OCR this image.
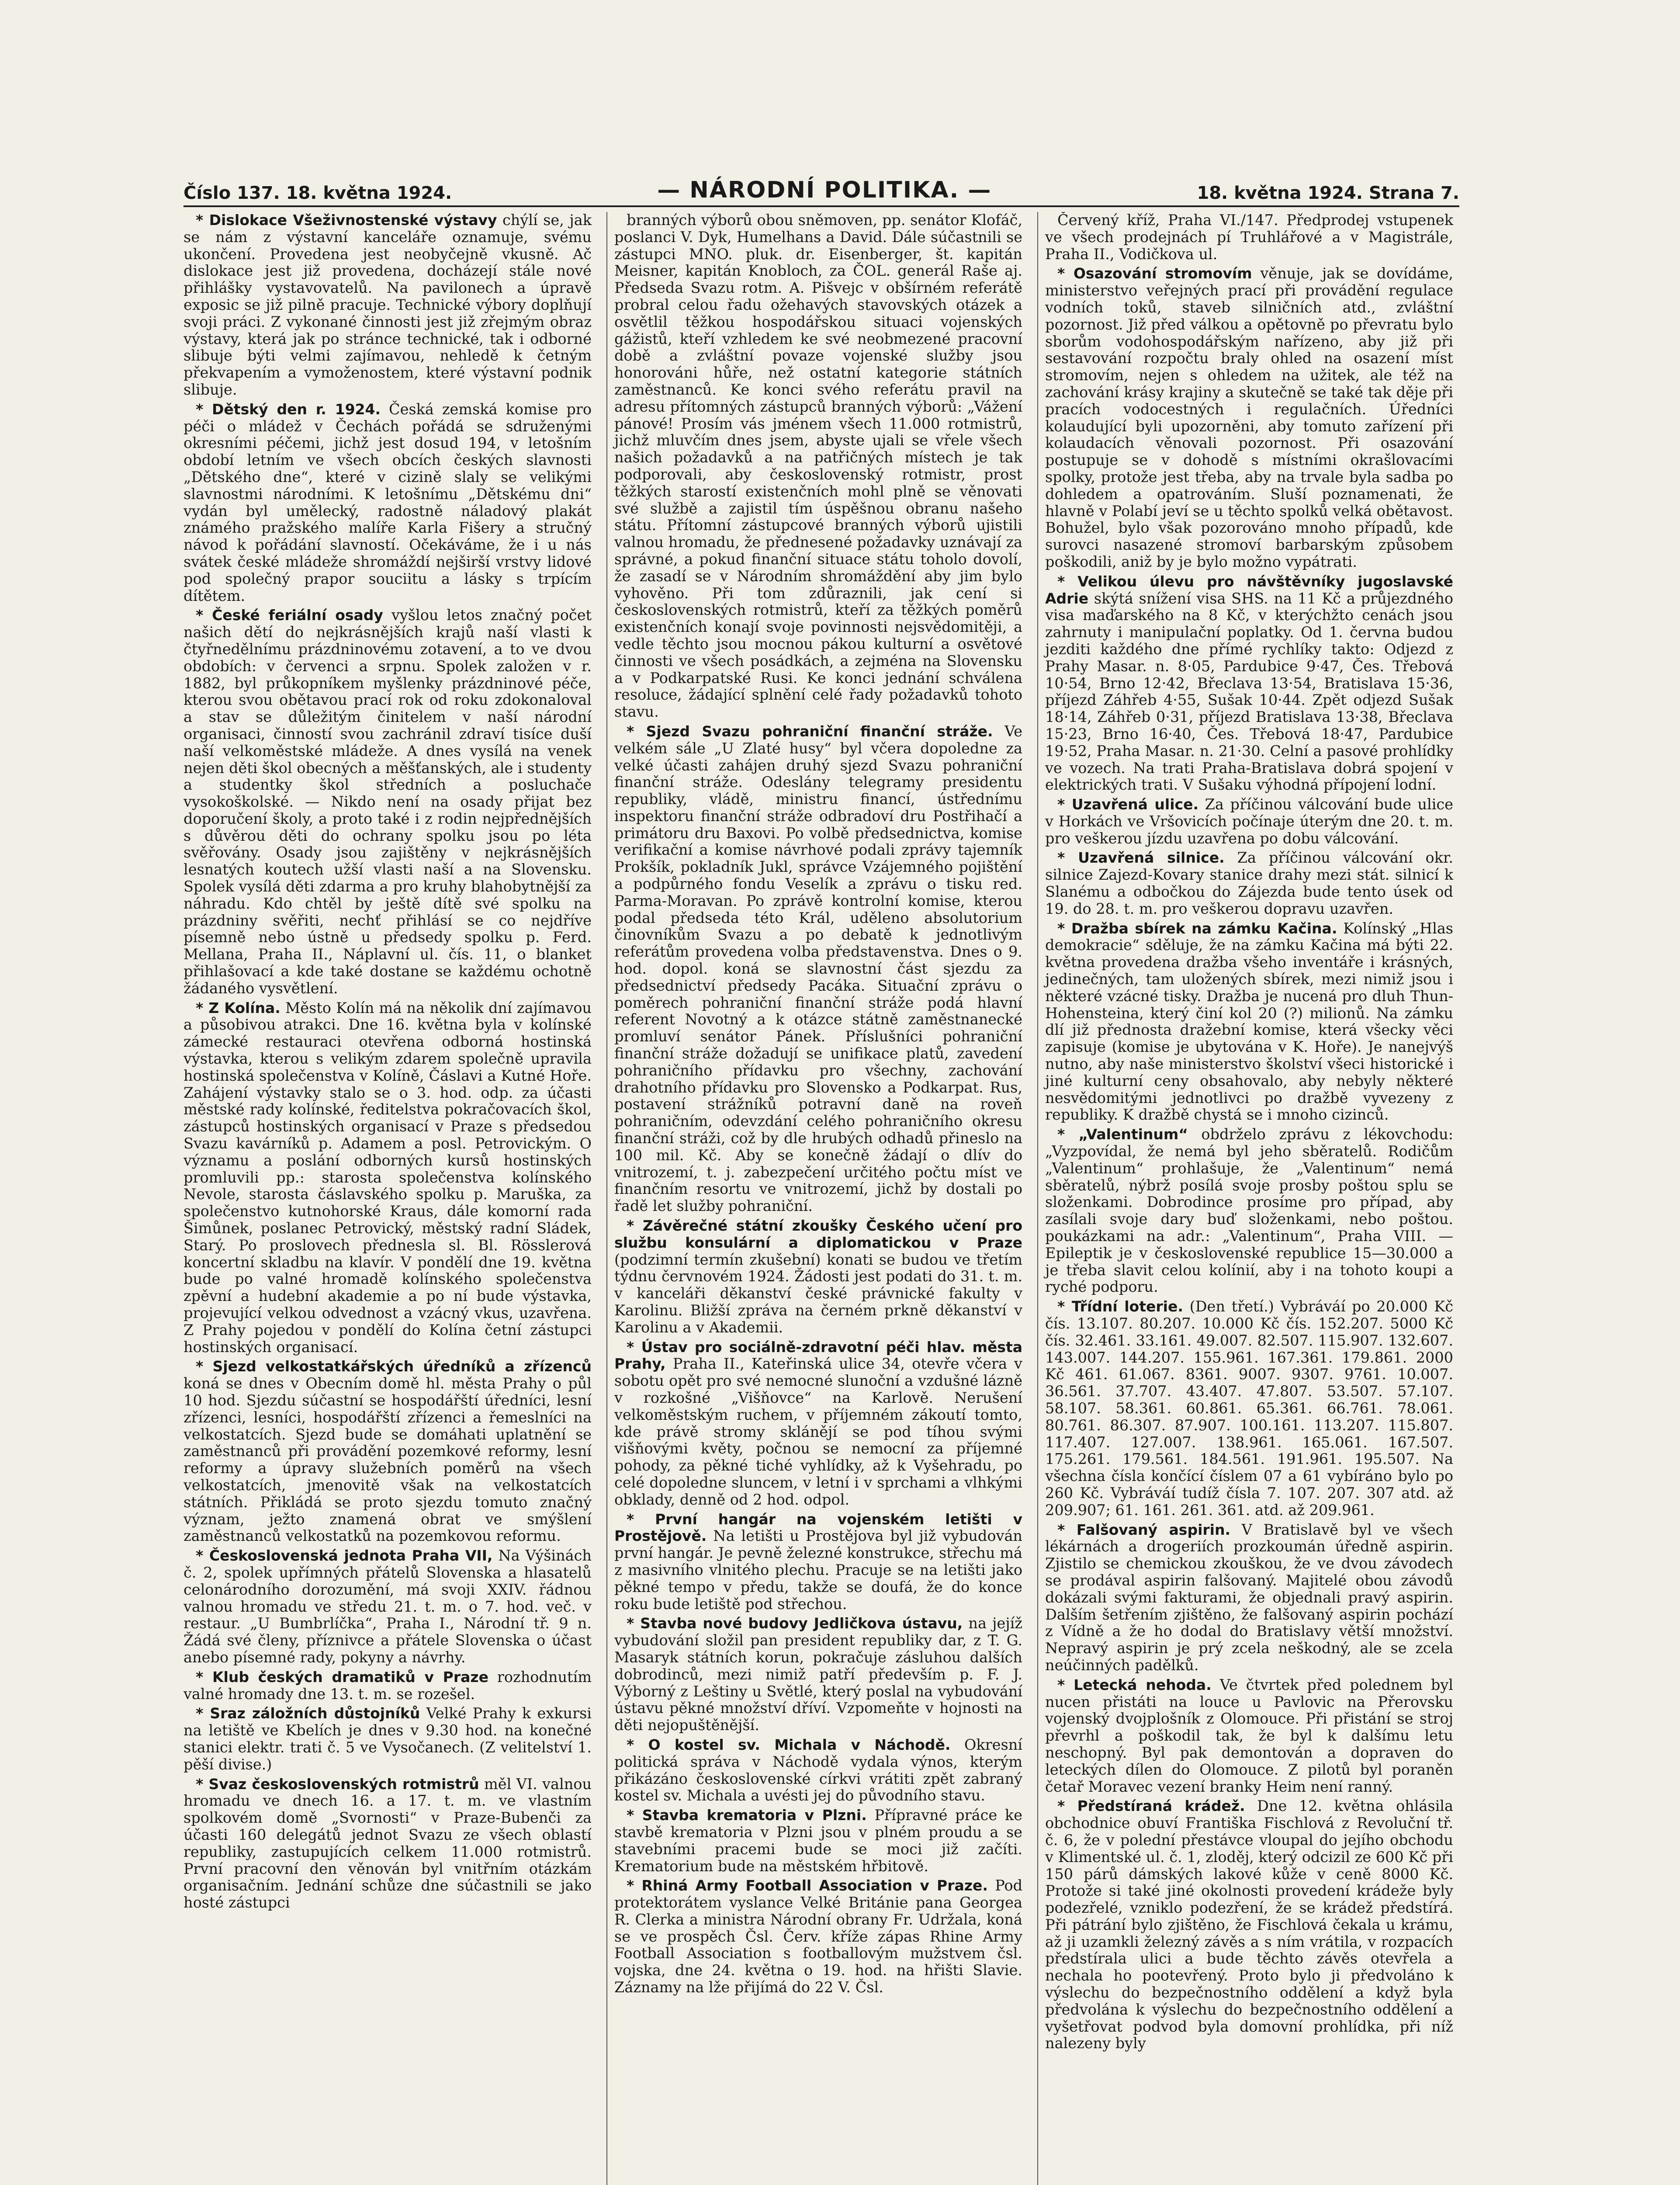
Číslo 137. 18. května 1924.	— NÁRODNÍ POLITIKA. —	18. května 1924. Strana 7.

* Dislokace Všeživnostenské výstavy chýlí se, jak se nám z výstavní kanceláře oznamuje, svému ukončení. Provedena jest neobyčejně vkusně. Ač dislokace jest již provedena, docházejí stále nové přihlášky vystavovatelů. Na pavilonech a úpravě exposic se již pilně pracuje. Technické výbory doplňují svoji práci. Z vykonané činnosti jest již zřejmým obraz výstavy, která jak po stránce technické, tak i odborné slibuje býti velmi zajímavou, nehledě k četným překvapením a vymoženostem, které výstavní podnik slibuje.

* Dětský den r. 1924. Česká zemská komise pro péči o mládež v Čechách pořádá se sdruženými okresními péčemi, jichž jest dosud 194, v letošním období letním ve všech obcích českých slavnosti „Dětského dne“, které v cizině slaly se velikými slavnostmi národními. K letošnímu „Dětskému dni“ vydán byl umělecký, radostně náladový plakát známého pražského malíře Karla Fišery a stručný návod k pořádání slavností. Očekáváme, že i u nás svátek české mládeže shromáždí nejširší vrstvy lidové pod společný prapor souciitu a lásky s trpícím dítětem.

* České feriální osady vyšlou letos značný počet našich dětí do nejkrásnějších krajů naší vlasti k čtyřnedělnímu prázdninovému zotavení, a to ve dvou obdobích: v červenci a srpnu. Spolek založen v r. 1882, byl průkopníkem myšlenky prázdninové péče, kterou svou obětavou prací rok od roku zdokonaloval a stav se důležitým činitelem v naší národní organisaci, činností svou zachránil zdraví tisíce duší naší velkoměstské mládeže. A dnes vysílá na venek nejen děti škol obecných a měšťanských, ale i studenty a studentky škol středních a posluchače vysokoškolské. — Nikdo není na osady přijat bez doporučení školy, a proto také i z rodin nejpřednějších s důvěrou děti do ochrany spolku jsou po léta svěřovány. Osady jsou zajištěny v nejkrásnějších lesnatých koutech užší vlasti naší a na Slovensku. Spolek vysílá děti zdarma a pro kruhy blahobytnější za náhradu. Kdo chtěl by ještě dítě své spolku na prázdniny svěřiti, nechť přihlásí se co nejdříve písemně nebo ústně u předsedy spolku p. Ferd. Mellana, Praha II., Náplavní ul. čís. 11, o blanket přihlašovací a kde také dostane se každému ochotně žádaného vysvětlení.

* Z Kolína. Město Kolín má na několik dní zajímavou a působivou atrakci. Dne 16. května byla v kolínské zámecké restauraci otevřena odborná hostinská výstavka, kterou s velikým zdarem společně upravila hostinská společenstva v Kolíně, Čáslavi a Kutné Hoře. Zahájení výstavky stalo se o 3. hod. odp. za účasti městské rady kolínské, ředitelstva pokračovacích škol, zástupců hostinských organisací v Praze s předsedou Svazu kavárníků p. Adamem a posl. Petrovickým. O významu a poslání odborných kursů hostinských promluvili pp.: starosta společenstva kolínského Nevole, starosta čáslavského spolku p. Maruška, za společenstvo kutnohorské Kraus, dále komorní rada Šimůnek, poslanec Petrovický, městský radní Sládek, Starý. Po proslovech přednesla sl. Bl. Rösslerová koncertní skladbu na klavír. V pondělí dne 19. května bude po valné hromadě kolínského společenstva zpěvní a hudební akademie a po ní bude výstavka, projevující velkou odvednost a vzácný vkus, uzavřena. Z Prahy pojedou v pondělí do Kolína četní zástupci hostinských organisací.

* Sjezd velkostatkářských úředníků a zřízenců koná se dnes v Obecním domě hl. města Prahy o půl 10 hod. Sjezdu súčastní se hospodářští úředníci, lesní zřízenci, lesníci, hospodářští zřízenci a řemeslníci na velkostatcích. Sjezd bude se domáhati uplatnění se zaměstnanců při provádění pozemkové reformy, lesní reformy a úpravy služebních poměrů na všech velkostatcích, jmenovitě však na velkostatcích státních. Přikládá se proto sjezdu tomuto značný význam, ježto znamená obrat ve smýšlení zaměstnanců velkostatků na pozemkovou reformu.

* Československá jednota Praha VII, Na Výšinách č. 2, spolek upřímných přátelů Slovenska a hlasatelů celonárodního dorozumění, má svoji XXIV. řádnou valnou hromadu ve středu 21. t. m. o 7. hod. več. v restaur. „U Bumbrlíčka“, Praha I., Národní tř. 9 n. Žádá své členy, příznivce a přátele Slovenska o účast anebo písemné rady, pokyny a návrhy.

* Klub českých dramatiků v Praze rozhodnutím valné hromady dne 13. t. m. se rozešel.

* Sraz záložních důstojníků Velké Prahy k exkursi na letiště ve Kbelích je dnes v 9.30 hod. na konečné stanici elektr. trati č. 5 ve Vysočanech. (Z velitelství 1. pěší divise.)

* Svaz československých rotmistrů měl VI. valnou hromadu ve dnech 16. a 17. t. m. ve vlastním spolkovém domě „Svornosti“ v Praze-Bubenči za účasti 160 delegátů jednot Svazu ze všech oblastí republiky, zastupujících celkem 11.000 rotmistrů. První pracovní den věnován byl vnitřním otázkám organisačním. Jednání schůze dne súčastnili se jako hosté zástupci

branných výborů obou sněmoven, pp. senátor Klofáč, poslanci V. Dyk, Humelhans a David. Dále súčastnili se zástupci MNO. pluk. dr. Eisenberger, št. kapitán Meisner, kapitán Knobloch, za ČOL. generál Raše aj. Předseda Svazu rotm. A. Pišvejc v obšírném referátě probral celou řadu ožehavých stavovských otázek a osvětlil těžkou hospodářskou situaci vojenských gážistů, kteří vzhledem ke své neobmezené pracovní době a zvláštní povaze vojenské služby jsou honorováni hůře, než ostatní kategorie státních zaměstnanců. Ke konci svého referátu pravil na adresu přítomných zástupců branných výborů: „Vážení pánové! Prosím vás jménem všech 11.000 rotmistrů, jichž mluvčím dnes jsem, abyste ujali se vřele všech našich požadavků a na patřičných místech je tak podporovali, aby československý rotmistr, prost těžkých starostí existenčních mohl plně se věnovati své službě a zajistil tím úspěšnou obranu našeho státu. Přítomní zástupcové branných výborů ujistili valnou hromadu, že přednesené požadavky uznávají za správné, a pokud finanční situace státu toholo dovolí, že zasadí se v Národním shromáždění aby jim bylo vyhověno. Při tom zdůraznili, jak cení si československých rotmistrů, kteří za těžkých poměrů existenčních konají svoje povinnosti nejsvědomitěji, a vedle těchto jsou mocnou pákou kulturní a osvětové činnosti ve všech posádkách, a zejména na Slovensku a v Podkarpatské Rusi. Ke konci jednání schválena resoluce, žádající splnění celé řady požadavků tohoto stavu.

* Sjezd Svazu pohraniční finanční stráže. Ve velkém sále „U Zlaté husy“ byl včera dopoledne za velké účasti zahájen druhý sjezd Svazu pohraniční finanční stráže. Odeslány telegramy presidentu republiky, vládě, ministru financí, ústřednímu inspektoru finanční stráže odbradoví dru Postřihačí a primátoru dru Baxovi. Po volbě předsednictva, komise verifikační a komise návrhové podali zprávy tajemník Prokšík, pokladník Jukl, správce Vzájemného pojištění a podpůrného fondu Veselík a zprávu o tisku red. Parma-Moravan. Po zprávě kontrolní komise, kterou podal předseda této Král, udělenо absolutorium činovníkům Svazu a po debatě k jednotlivým referátům provedena volba představenstva. Dnes o 9. hod. dopol. koná se slavnostní část sjezdu za předsednictví předsedy Pacáka. Situační zprávu o poměrech pohraniční finanční stráže podá hlavní referent Novotný a k otázce státně zaměstnanecké promluví senátor Pánek. Příslušníci pohraniční finanční stráže dožadují se unifikace platů, zavedení pohraničního přídavku pro všechny, zachování drahotního přídavku pro Slovensko a Podkarpat. Rus, postavení strážníků potravní daně na roveň pohraničním, odevzdání celého pohraničního okresu finanční stráži, což by dle hrubých odhadů přineslo na 100 mil. Kč. Aby se konečně žádají o dlív do vnitrozemí, t. j. zabezpečení určitého počtu míst ve finančním resortu ve vnitrozemí, jichž by dostali po řadě let služby pohraniční.

* Závěrečné státní zkoušky Českého učení pro službu konsulární a diplomatickou v Praze (podzimní termín zkušební) konati se budou ve třetím týdnu červnovém 1924. Žádosti jest podati do 31. t. m. v kanceláři děkanství české právnické fakulty v Karolinu. Bližší zpráva na černém prkně děkanství v Karolinu a v Akademii.

* Ústav pro sociálně-zdravotní péči hlav. města Prahy, Praha II., Kateřinská ulice 34, otevře včera v sobotu opět pro své nemocné slunoční a vzdušné lázně v rozkošné „Višňovce“ na Karlově. Nerušení velkoměstským ruchem, v příjemném zákoutí tomto, kde právě stromy sklánějí se pod tíhou svými višňovými květy, počnou se nemocní za příjemné pohody, za pěkné tiché vyhlídky, až k Vyšehradu, po celé dopoledne sluncem, v letní i v sprchami a vlhkými obklady, denně od 2 hod. odpol.

* První hangár na vojenském letišti v Prostějově. Na letišti u Prostějova byl již vybudován první hangár. Je pevně železné konstrukce, střechu má z masivního vlnitého plechu. Pracuje se na letišti jako pěkné tempo v předu, takže se doufá, že do konce roku bude letiště pod střechou.

* Stavba nové budovy Jedličkova ústavu, na jejíž vybudování složil pan president republiky dar, z T. G. Masaryk státních korun, pokračuje zásluhou dalších dobrodinců, mezi nimiž patří především p. F. J. Výborný z Leštiny u Světlé, který poslal na vybudování ústavu pěkné množství dříví. Vzpomeňte v hojnosti na děti nejopuštěnější.

* O kostel sv. Michala v Náchodě. Okresní politická správa v Náchodě vydala výnos, kterým přikázáno československé církvi vrátiti zpět zabraný kostel sv. Michala a uvésti jej do původního stavu.

* Stavba krematoria v Plzni. Přípravné práce ke stavbě krematoria v Plzni jsou v plném proudu a se stavebními pracemi bude se moci již začíti. Krematorium bude na městském hřbitově.

* Rhiná Army Football Association v Praze. Pod protektorátem vyslance Velké Británie pana Georgea R. Clerka a ministra Národní obrany Fr. Udržala, koná se ve prospěch Čsl. Červ. kříže zápas Rhine Army Football Association s footballovým mužstvem čsl. vojska, dne 24. května o 19. hod. na hřišti Slavie. Záznamy na lže přijímá do 22 V. Čsl.

Červený kříž, Praha VI./147. Předprodej vstupenek ve všech prodejnách pí Truhlářové a v Magistrále, Praha II., Vodičkova ul.

* Osazování stromovím věnuje, jak se dovídáme, ministerstvo veřejných prací při provádění regulace vodních toků, staveb silničních atd., zvláštní pozornost. Již před válkou a opětovně po převratu bylo sborům vodohospodářským nařízeno, aby již při sestavování rozpočtu braly ohled na osazení míst stromovím, nejen s ohledem na užitek, ale též na zachování krásy krajiny a skutečně se také tak děje při pracích vodocestných i regulačních. Úředníci kolaudující byli upozorněni, aby tomuto zařízení při kolaudacích věnovali pozornost. Při osazování postupuje se v dohodě s místními okrašlovacími spolky, protože jest třeba, aby na trvale byla sadba po dohledem a opatrováním. Sluší poznamenati, že hlavně v Polabí jeví se u těchto spolků velká obětavost. Bohužel, bylo však pozorováno mnoho případů, kde surovci nasazené stromoví barbarským způsobem poškodili, aniž by je bylo možno vypátrati.

* Velikou úlevu pro návštěvníky jugoslavské Adrie skýtá snížení visa SHS. na 11 Kč a průjezdného visa maďarského na 8 Kč, v kterýchžto cenách jsou zahrnuty i manipulační poplatky. Od 1. června budou jezditi každého dne přímé rychlíky takto: Odjezd z Prahy Masar. n. 8·05, Pardubice 9·47, Čes. Třebová 10·54, Brno 12·42, Břeclava 13·54, Bratislava 15·36, příjezd Záhřeb 4·55, Sušak 10·44. Zpět odjezd Sušak 18·14, Záhřeb 0·31, příjezd Bratislava 13·38, Břeclava 15·23, Brno 16·40, Čes. Třebová 18·47, Pardubice 19·52, Praha Masar. n. 21·30. Celní a pasové prohlídky ve vozech. Na trati Praha-Bratislava dobrá spojení v elektrických trati. V Sušaku výhodná přípojení lodní.

* Uzavřená ulice. Za příčinou válcování bude ulice v Horkách ve Vršovicích počínaje úterým dne 20. t. m. pro veškerou jízdu uzavřena po dobu válcování.

* Uzavřená silnice. Za příčinou válcování okr. silnice Zajezd-Kovary stanice drahy mezi stát. silnicí k Slanému a odbočkou do Zájezda bude tento úsek od 19. do 28. t. m. pro veškerou dopravu uzavřen.

* Dražba sbírek na zámku Kačina. Kolínský „Hlas demokracie“ sděluje, že na zámku Kačina má býti 22. května provedena dražba všeho inventáře i krásných, jedinečných, tam uložených sbírek, mezi nimiž jsou i některé vzácné tisky. Dražba je nucená pro dluh Thun-Hohensteina, který činí kol 20 (?) milionů. Na zámku dlí již přednosta dražební komise, která všecky věci zapisuje (komise je ubytována v K. Hoře). Je nanejvýš nutno, aby naše ministerstvo školství všeci historické i jiné kulturní ceny obsahovalo, aby nebyly některé nesvědomitými jednotlivci po dražbě vyvezeny z republiky. K dražbě chystá se i mnoho cizinců.

* „Valentinum“ obdrželo zprávu z lékovchodu: „Vyzpovídal, že nemá byl jeho sběratelů. Rodičům „Valentinum“ prohlašuje, že „Valentinum“ nemá sběratelů, nýbrž posílá svoje prosby poštou splu se složenkami. Dobrodince prosíme pro případ, aby zasílali svoje dary buď složenkami, nebo poštou. poukázkami na adr.: „Valentinum“, Praha VIII. — Epileptik je v československé republice 15—30.000 a je třeba slavit celou kolínií, aby i na tohoto koupi a ryché podporu.

* Třídní loterie. (Den třetí.) Vybráváí po 20.000 Kč čís. 13.107. 80.207. 10.000 Kč čís. 152.207. 5000 Kč čís. 32.461. 33.161. 49.007. 82.507. 115.907. 132.607. 143.007. 144.207. 155.961. 167.361. 179.861. 2000 Kč 461. 61.067. 8361. 9007. 9307. 9761. 10.007. 36.561. 37.707. 43.407. 47.807. 53.507. 57.107. 58.107. 58.361. 60.861. 65.361. 66.761. 78.061. 80.761. 86.307. 87.907. 100.161. 113.207. 115.807. 117.407. 127.007. 138.961. 165.061. 167.507. 175.261. 179.561. 184.561. 191.961. 195.507. Na všechna čísla končící číslem 07 a 61 vybíráno bylo po 260 Kč. Vybráváí tudíž čísla 7. 107. 207. 307 atd. až 209.907; 61. 161. 261. 361. atd. až 209.961.

* Falšovaný aspirin. V Bratislavě byl ve všech lékárnách a drogeriích prozkoumán úředně aspirin. Zjistilo se chemickou zkouškou, že ve dvou závodech se prodával aspirin falšovaný. Majitelé obou závodů dokázali svými fakturami, že objednali pravý aspirin. Dalším šetřením zjištěno, že falšovaný aspirin pochází z Vídně a že ho dodal do Bratislavy větší množství. Nepravý aspirin je prý zcela neškodný, ale se zcela neúčinných padělků.

* Letecká nehoda. Ve čtvrtek před polednem byl nucen přistáti na louce u Pavlovic na Přerovsku vojenský dvojplošník z Olomouce. Při přistání se stroj převrhl a poškodil tak, že byl k dalšímu letu neschopný. Byl pak demontován a dopraven do leteckých dílen do Olomouce. Z pilotů byl poraněn četař Moravec vezení branky Heim není ranný.

* Předstíraná krádež. Dne 12. května ohlásila obchodnice obuví Františka Fischlová z Revoluční tř. č. 6, že v polední přestávce vloupal do jejího obchodu v Klimentské ul. č. 1, zloděj, který odcizil ze 600 Kč při 150 párů dámských lakové kůže v ceně 8000 Kč. Protože si také jiné okolnosti provedení krádeže byly podezřelé, vzniklo podezření, že se krádež předstírá. Při pátrání bylo zjištěno, že Fischlová čekala u krámu, až ji uzamkli železný závěs a s ním vrátila, v rozpacích předstírala ulici a bude těchto závěs otevřela a nechala ho pootevřený. Proto bylo ji předvoláno k výslechu do bezpečnostního oddělení a když byla předvolána k výslechu do bezpečnostního oddělení a vyšetřovat podvod byla domovní prohlídka, při níž nalezeny byly
